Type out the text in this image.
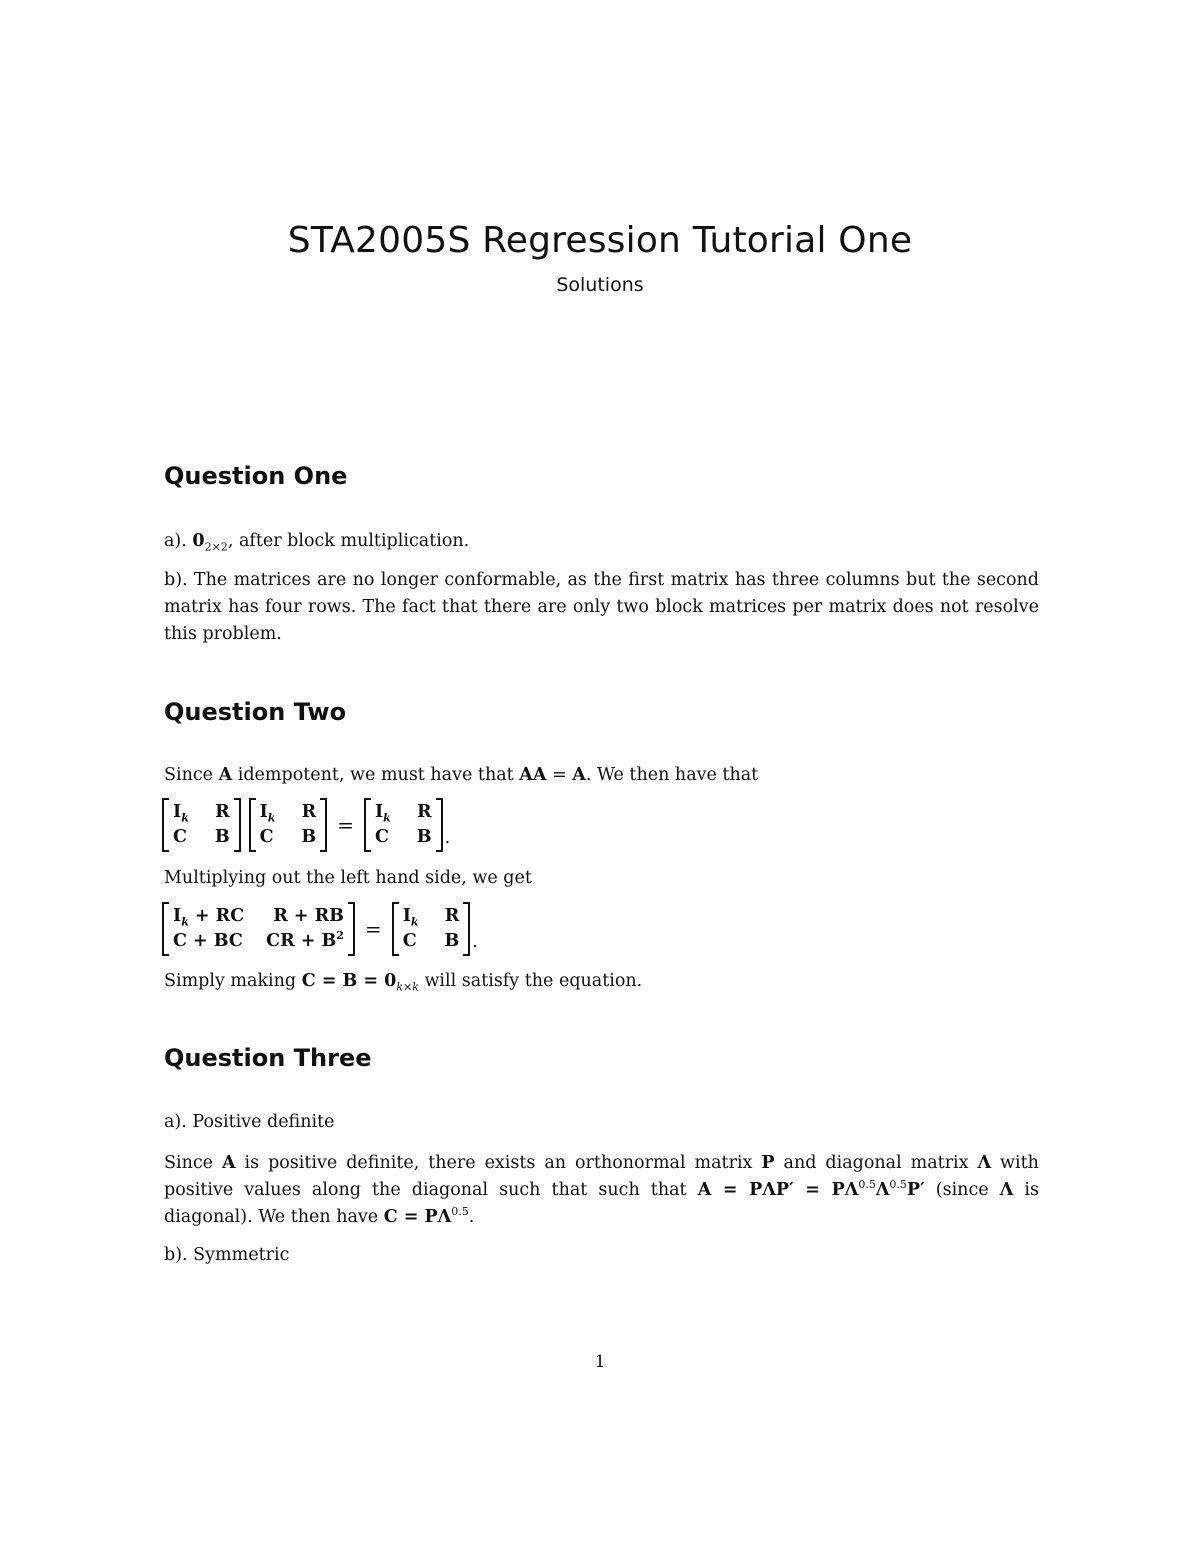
STA2005S Regression Tutorial One
Solutions
Question One
a). $0_{2\times 2}$, after block multiplication.
b). The matrices are no longer conformable, as the first matrix has three columns but the second matrix has four rows. The fact that there are only two block matrices per matrix does not resolve this problem.
Question Two
Since A idempotent, we must have that AA = A. We then have that
$I_k$ R
C B
$I_k$ R
C B =
$I_k$ R
C B .
Multiplying out the left hand side, we get
$I_k$ + RC	R + RB
C + BC CR + $B^2$ =
$I_k$ R
C B .
Simply making $C = B = 0_{k\times k}$ will satisfy the equation.
Question Three
a). Positive definite
Since A is positive definite, there exists an orthonormal matrix P and diagonal matrix Λ with positive values along the diagonal such that such that $A = P\Lambda P' = P\Lambda^{0.5}\Lambda^{0.5}P'$ (since Λ is diagonal). We then have $C = P\Lambda^{0.5}$.
b). Symmetric
1
